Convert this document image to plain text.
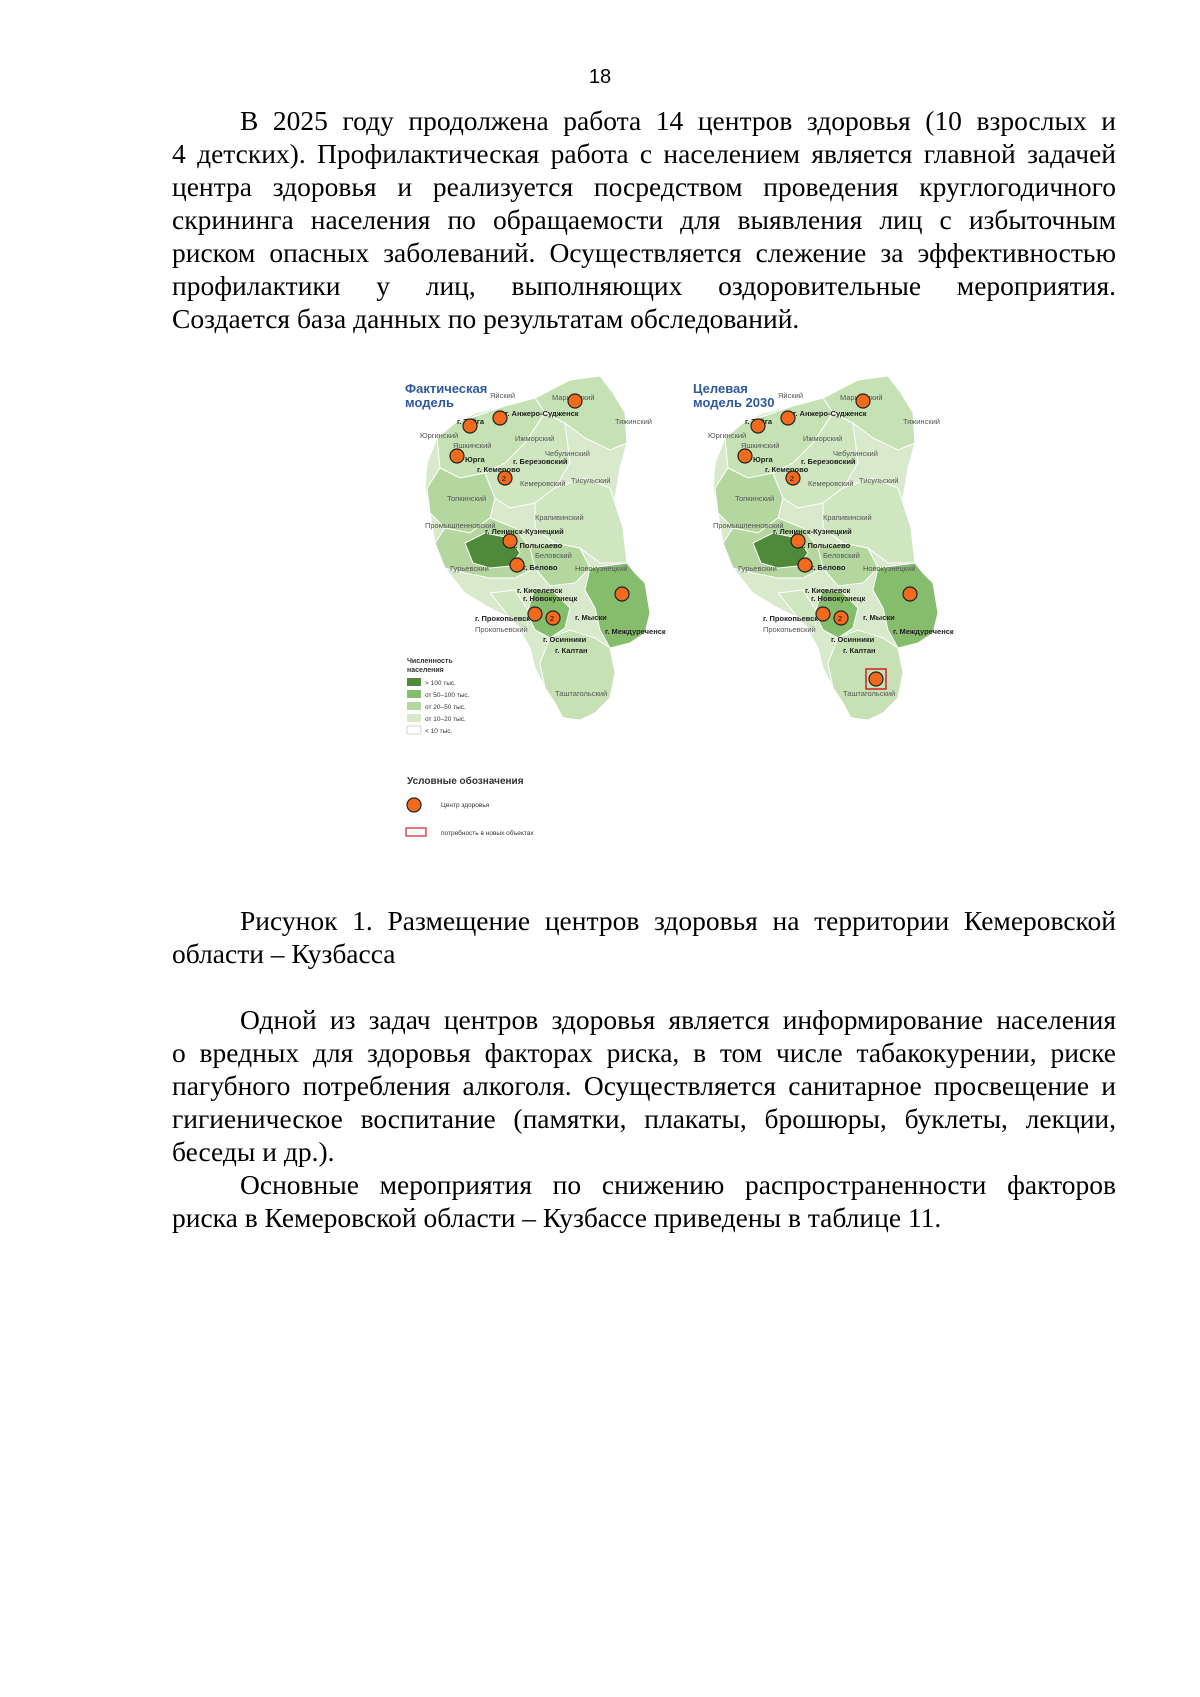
18

В 2025 году продолжена работа 14 центров здоровья (10 взрослых и
4 детских). Профилактическая работа с населением является главной задачей
центра здоровья и реализуется посредством проведения круглогодичного
скрининга населения по обращаемости для выявления лиц с избыточным
риском опасных заболеваний. Осуществляется слежение за эффективностью
профилактики у лиц, выполняющих оздоровительные мероприятия.
Создается база данных по результатам обследований.

Фактическая
модель
2
2
Целевая
модель 2030
2
2
Численность
населения
> 100 тыс.
от 50–100 тыс.
от 20–50 тыс.
от 10–20 тыс.
< 10 тыс.
Условные обозначения
Центр здоровья
потребность в новых объектах

Рисунок 1. Размещение центров здоровья на территории Кемеровской
области – Кузбасса

Одной из задач центров здоровья является информирование населения
о вредных для здоровья факторах риска, в том числе табакокурении, риске
пагубного потребления алкоголя. Осуществляется санитарное просвещение и
гигиеническое воспитание (памятки, плакаты, брошюры, буклеты, лекции,
беседы и др.).

Основные мероприятия по снижению распространенности факторов
риска в Кемеровской области – Кузбассе приведены в таблице 11.
